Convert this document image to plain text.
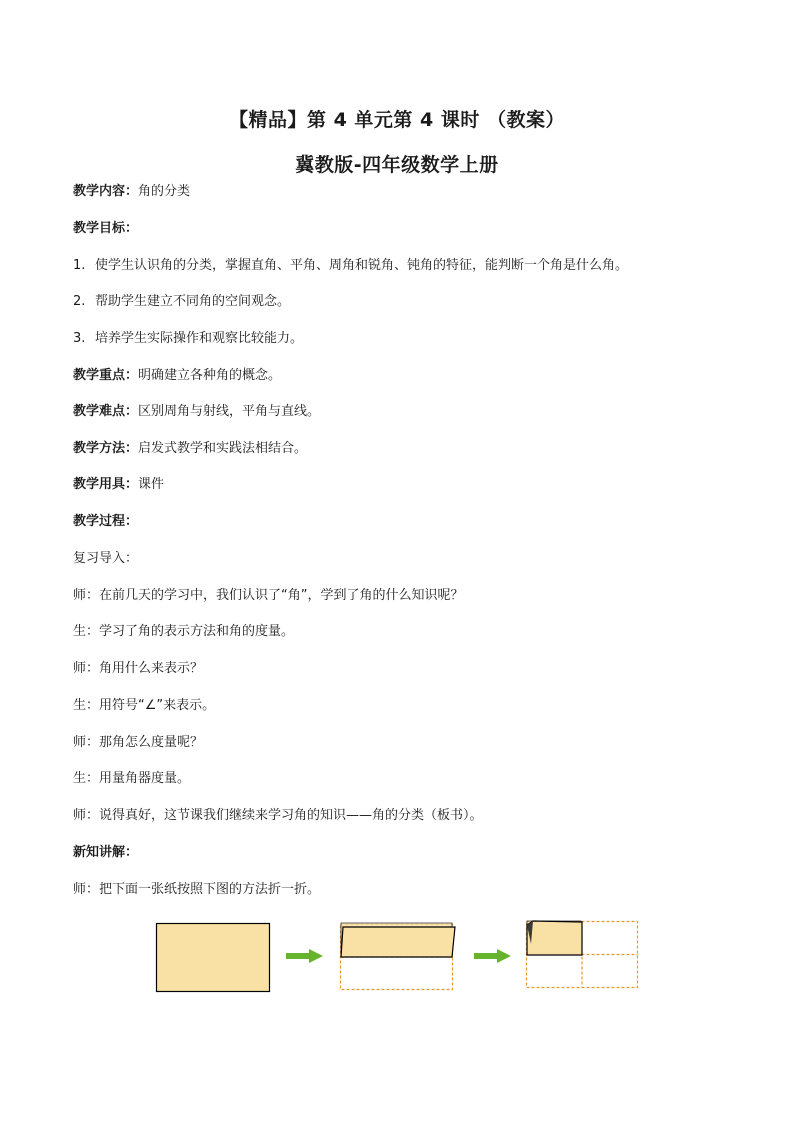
【精品】第 4 单元第 4 课时 （教案）
冀教版-四年级数学上册
教学内容：角的分类
教学目标：
1. 使学生认识角的分类，掌握直角、平角、周角和锐角、钝角的特征，能判断一个角是什么角。
2. 帮助学生建立不同角的空间观念。
3. 培养学生实际操作和观察比较能力。
教学重点：明确建立各种角的概念。
教学难点：区别周角与射线，平角与直线。
教学方法：启发式教学和实践法相结合。
教学用具：课件
教学过程：
复习导入：
师：在前几天的学习中，我们认识了“角”，学到了角的什么知识呢？
生：学习了角的表示方法和角的度量。
师：角用什么来表示？
生：用符号“∠”来表示。
师：那角怎么度量呢？
生：用量角器度量。
师：说得真好，这节课我们继续来学习角的知识——角的分类（板书）。
新知讲解：
师：把下面一张纸按照下图的方法折一折。
